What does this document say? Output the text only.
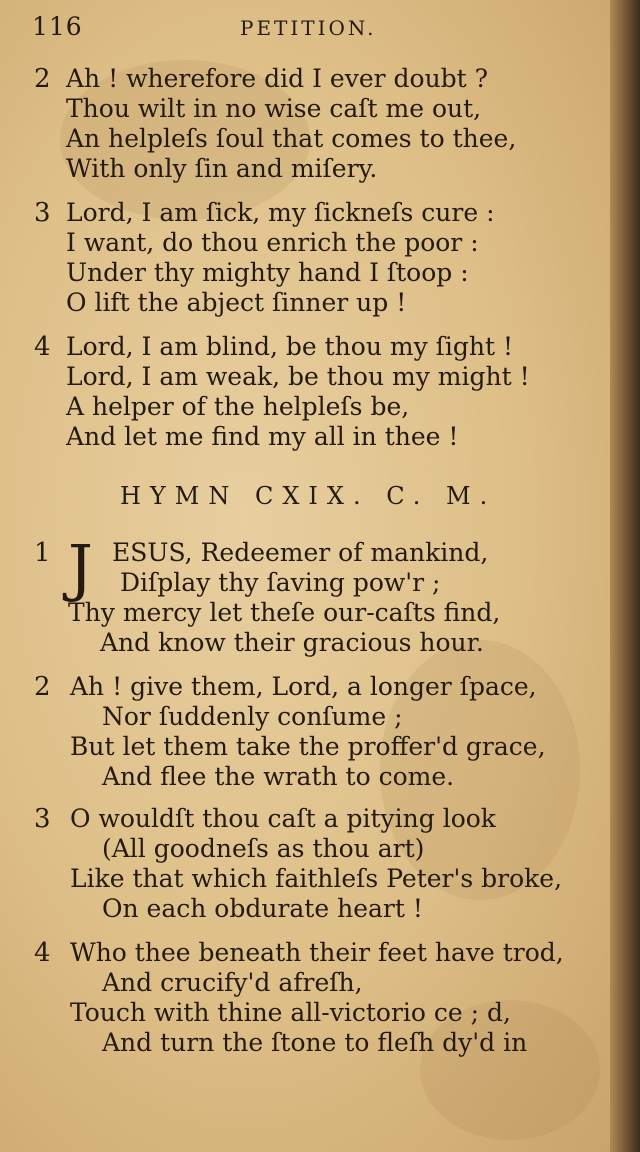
116	PETITION.
2 Ah ! wherefore did I ever doubt ?
Thou wilt in no wise caſt me out,
An helpleſs ſoul that comes to thee,
With only ſin and miſery.
3 Lord, I am ſick, my ſickneſs cure :
I want, do thou enrich the poor :
Under thy mighty hand I ſtoop :
O lift the abject ſinner up !
4 Lord, I am blind, be thou my ſight !
Lord, I am weak, be thou my might !
A helper of the helpleſs be,
And let me find my all in thee !
HYMN CXIX. C. M.
1 J ESUS, Redeemer of mankind,
Diſplay thy ſaving pow'r ;
Thy mercy let theſe our-caſts find,
And know their gracious hour.
2 Ah ! give them, Lord, a longer ſpace,
Nor ſuddenly conſume ;
But let them take the proffer'd grace,
And flee the wrath to come.
3 O wouldſt thou caſt a pitying look
(All goodneſs as thou art)
Like that which faithleſs Peter's broke,
On each obdurate heart !
4 Who thee beneath their feet have trod,
And crucify'd afreſh,
Touch with thine all-victorio ce ; d,
And turn the ſtone to fleſh dy'd in
